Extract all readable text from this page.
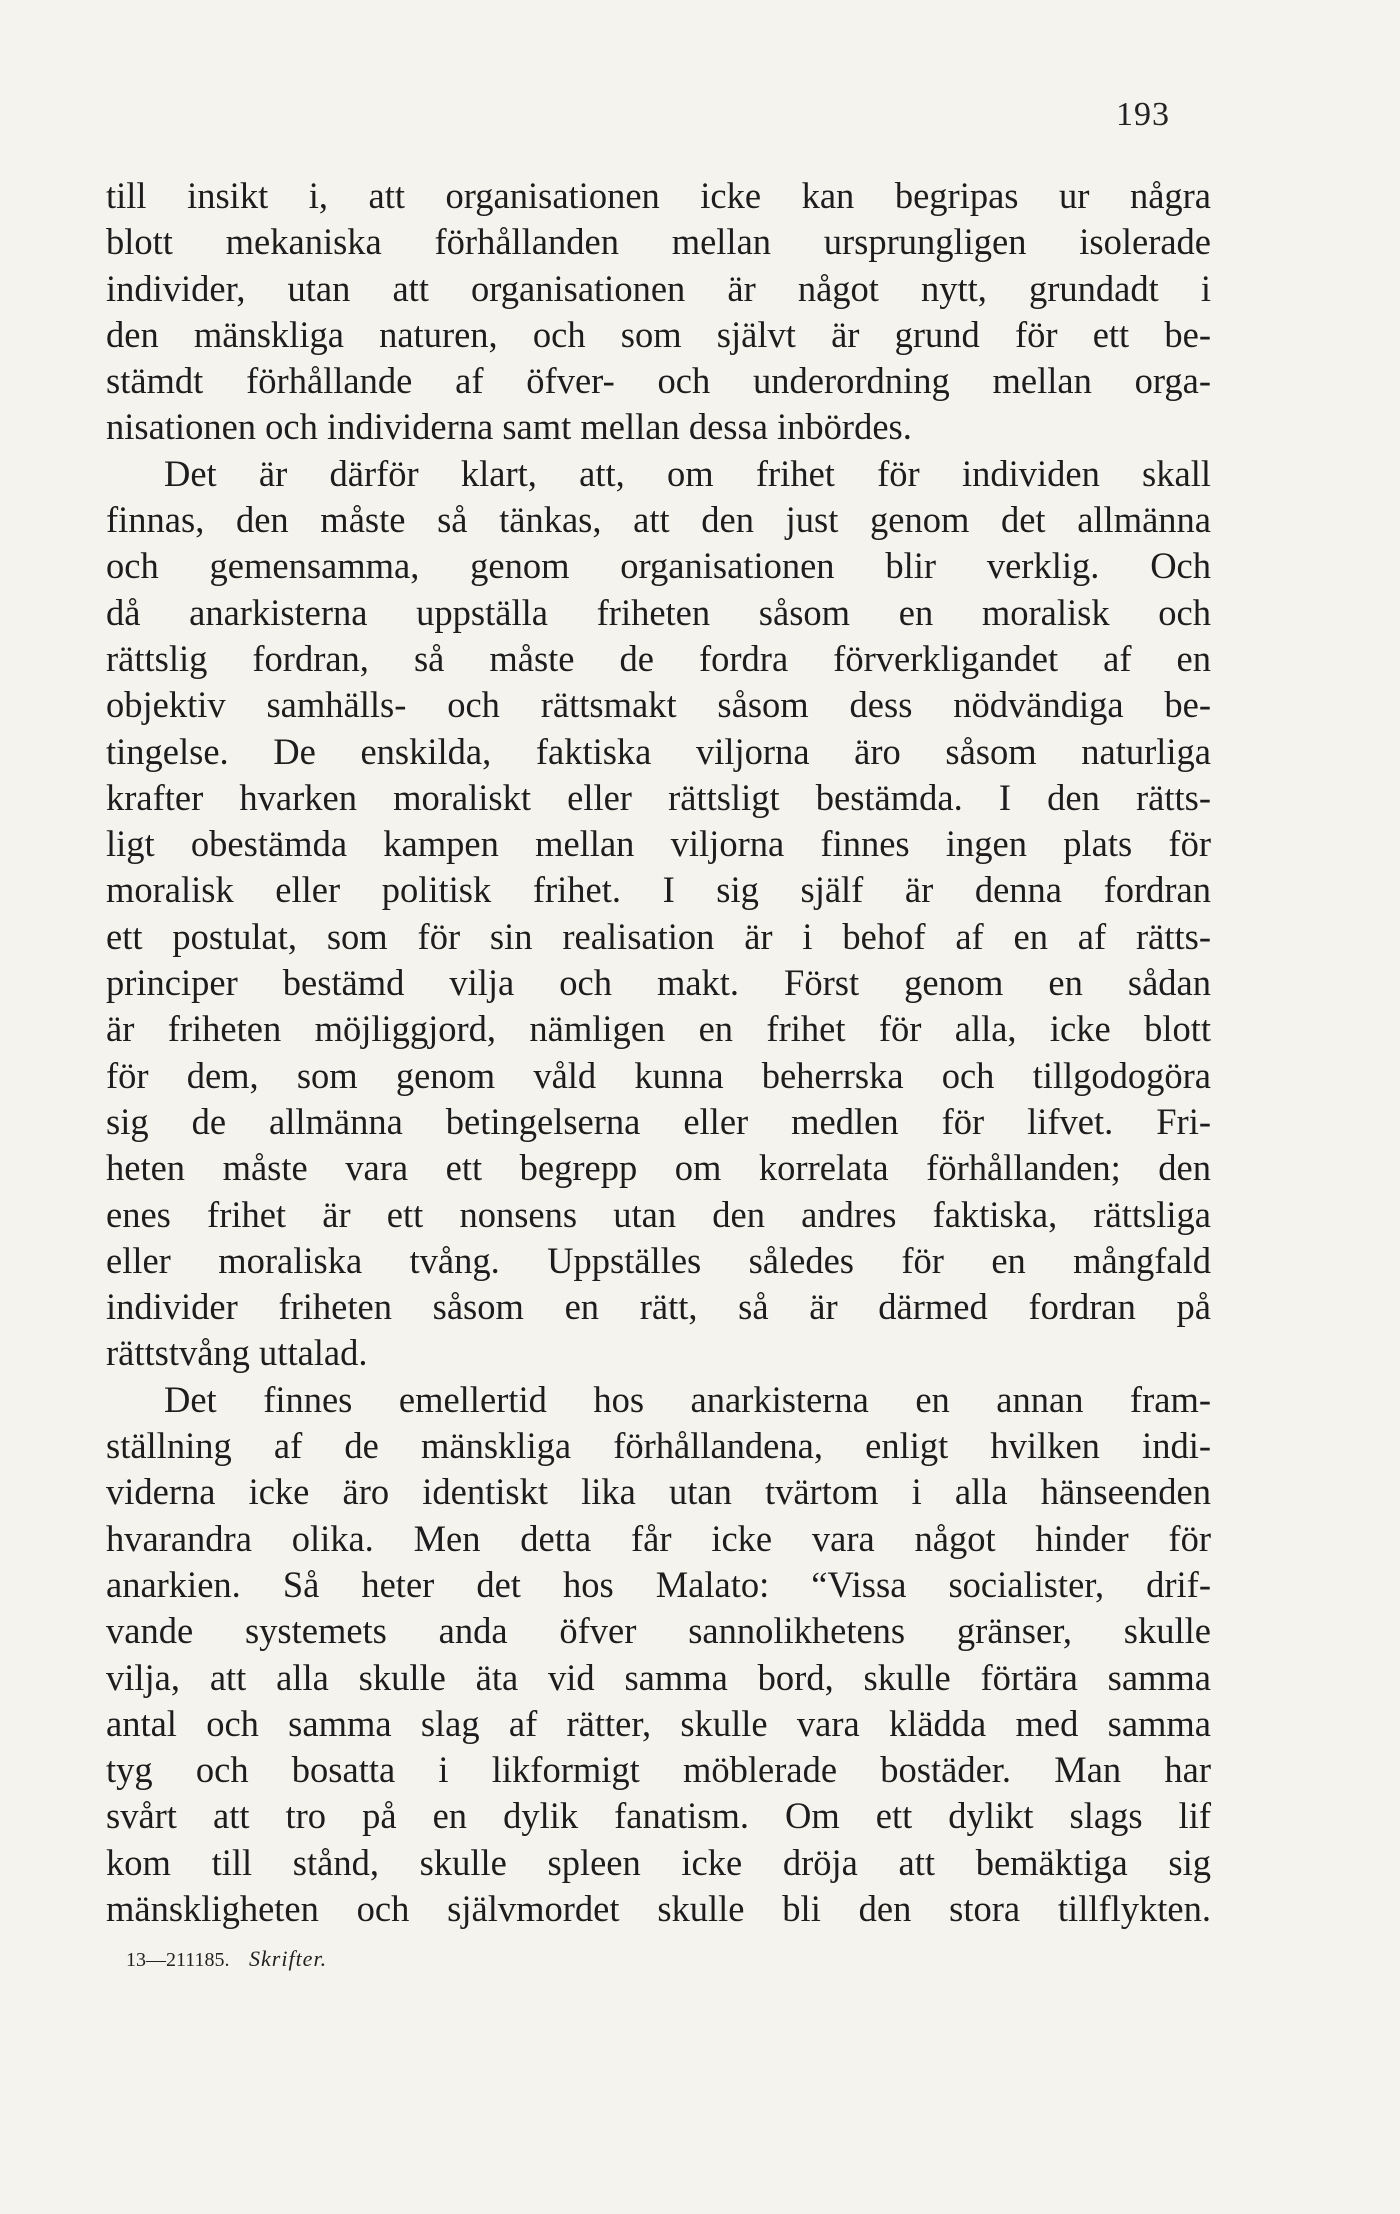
193
till insikt i, att organisationen icke kan begripas ur några
blott mekaniska förhållanden mellan ursprungligen isolerade
individer, utan att organisationen är något nytt, grundadt i
den mänskliga naturen, och som självt är grund för ett be-
stämdt förhållande af öfver- och underordning mellan orga-
nisationen och individerna samt mellan dessa inbördes.
Det är därför klart, att, om frihet för individen skall
finnas, den måste så tänkas, att den just genom det allmänna
och gemensamma, genom organisationen blir verklig. Och
då anarkisterna uppställa friheten såsom en moralisk och
rättslig fordran, så måste de fordra förverkligandet af en
objektiv samhälls- och rättsmakt såsom dess nödvändiga be-
tingelse. De enskilda, faktiska viljorna äro såsom naturliga
krafter hvarken moraliskt eller rättsligt bestämda. I den rätts-
ligt obestämda kampen mellan viljorna finnes ingen plats för
moralisk eller politisk frihet. I sig själf är denna fordran
ett postulat, som för sin realisation är i behof af en af rätts-
principer bestämd vilja och makt. Först genom en sådan
är friheten möjliggjord, nämligen en frihet för alla, icke blott
för dem, som genom våld kunna beherrska och tillgodogöra
sig de allmänna betingelserna eller medlen för lifvet. Fri-
heten måste vara ett begrepp om korrelata förhållanden; den
enes frihet är ett nonsens utan den andres faktiska, rättsliga
eller moraliska tvång. Uppställes således för en mångfald
individer friheten såsom en rätt, så är därmed fordran på
rättstvång uttalad.
Det finnes emellertid hos anarkisterna en annan fram-
ställning af de mänskliga förhållandena, enligt hvilken indi-
viderna icke äro identiskt lika utan tvärtom i alla hänseenden
hvarandra olika. Men detta får icke vara något hinder för
anarkien. Så heter det hos Malato: “Vissa socialister, drif-
vande systemets anda öfver sannolikhetens gränser, skulle
vilja, att alla skulle äta vid samma bord, skulle förtära samma
antal och samma slag af rätter, skulle vara klädda med samma
tyg och bosatta i likformigt möblerade bostäder. Man har
svårt att tro på en dylik fanatism. Om ett dylikt slags lif
kom till stånd, skulle spleen icke dröja att bemäktiga sig
mänskligheten och självmordet skulle bli den stora tillflykten.
13—211185. Skrifter.
